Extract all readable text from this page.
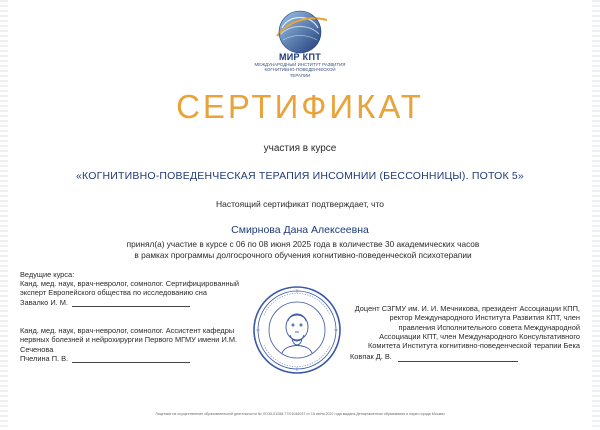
МИР КПТ
МЕЖДУНАРОДНЫЙ ИНСТИТУТ РАЗВИТИЯ
КОГНИТИВНО-ПОВЕДЕНЧЕСКОЙ
ТЕРАПИИ
СЕРТИФИКАТ
участия в курсе
«КОГНИТИВНО-ПОВЕДЕНЧЕСКАЯ ТЕРАПИЯ ИНСОМНИИ (БЕССОННИЦЫ). ПОТОК 5»
Настоящий сертификат подтверждает, что
Смирнова Дана Алексеевна
принял(а) участие в курсе с 06 по 08 июня 2025 года в количестве 30 академических часов
в рамках программы долгосрочного обучения когнитивно-поведенческой психотерапии
Ведущие курса:
Канд. мед. наук, врач-невролог, сомнолог. Сертифицированный
эксперт Европейского общества по исследованию сна
Завалко И. М.
Канд. мед. наук, врач-невролог, сомнолог. Ассистент кафедры
нервных болезней и нейрохирургии Первого МГМУ имени И.М.
Сеченова
Пчелина П. В.
Доцент СЗГМУ им. И. И. Мечникова, президент Ассоциации КПП,
ректор Международного Института Развития КПТ, член
правления Исполнительного совета Международной
Ассоциации КПТ, член Международного Консультативного
Комитета Института когнитивно-поведенческой терапии Бека
Ковпак Д. В.
Лицензия на осуществление образовательной деятельности № ЛО35-01288-77/01046037 от 15 июня 2022 года выдана Департаментом образования и науки города Москвы
